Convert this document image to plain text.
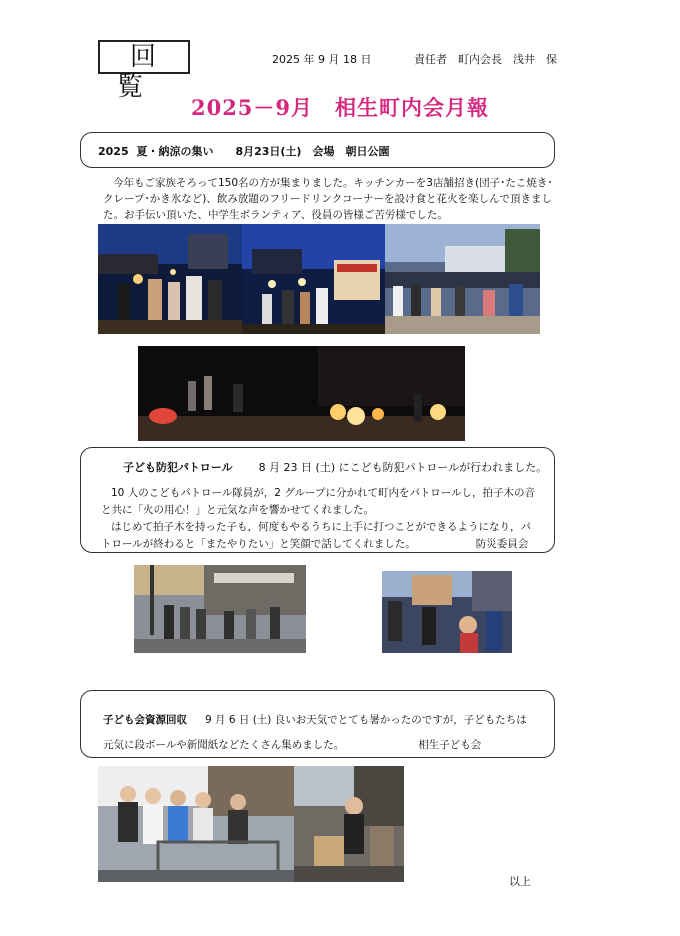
回覧
2025 年 9 月 18 日	責任者　町内会長　浅井　保
2025－9月　相生町内会月報
2025 夏・納涼の集い　　8月23日(土)　会場　朝日公園
今年もご家族そろって150名の方が集まりました。キッチンカーを3店舗招き(団子･たこ焼き･クレープ･かき氷など)、飲み放題のフリードリンクコーナーを設け食と花火を楽しんで頂きました。お手伝い頂いた、中学生ボランティア、役員の皆様ご苦労様でした。
子ども防犯パトロール 8 月 23 日 (土) にこども防犯パトロールが行われました。

10 人のこどもパトロール隊員が，2 グループに分かれて町内をパトロールし，拍子木の音と共に「火の用心！」と元気な声を響かせてくれました。

はじめて拍子木を持った子も，何度もやるうちに上手に打つことができるようになり，パトロールが終わると「またやりたい」と笑顔で話してくれました。	防災委員会

子ども会資源回収 9 月 6 日 (土) 良いお天気でとても暑かったのですが，子どもたちは
元気に段ボールや新聞紙などたくさん集めました。	相生子ども会
以上
